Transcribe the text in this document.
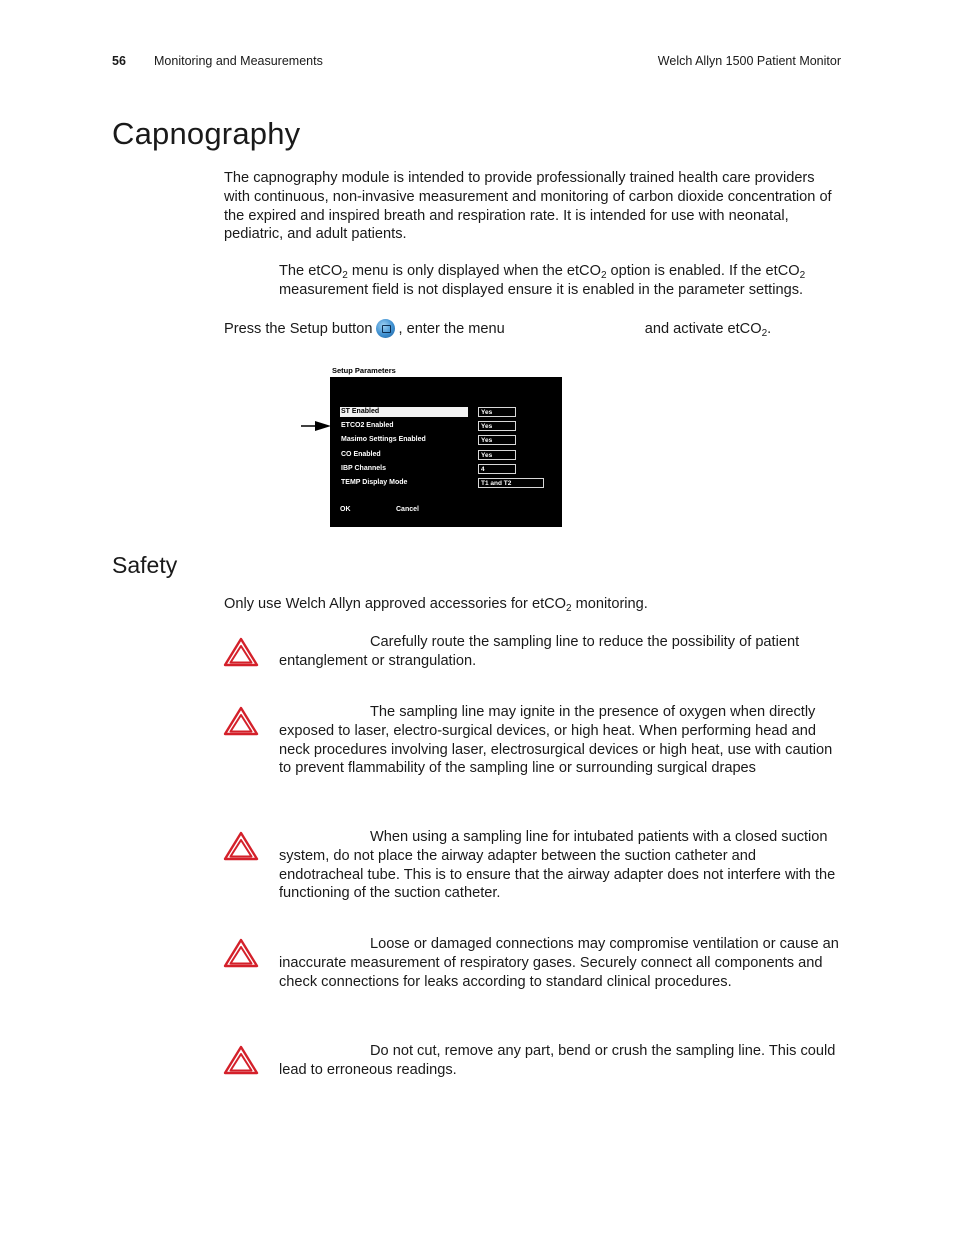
56 Monitoring and Measurements	Welch Allyn 1500 Patient Monitor
Capnography
The capnography module is intended to provide professionally trained health care providers with continuous, non-invasive measurement and monitoring of carbon dioxide concentration of the expired and inspired breath and respiration rate. It is intended for use with neonatal, pediatric, and adult patients.
The etCO$_2$ menu is only displayed when the etCO$_2$ option is enabled. If the etCO$_2$ measurement field is not displayed ensure it is enabled in the parameter settings.
Press the Setup button , enter the menu	and activate etCO$_2$.
Setup Parameters
ST Enabled	Yes
ETCO2 Enabled	Yes
Masimo Settings Enabled	Yes
CO Enabled	Yes
IBP Channels	4
TEMP Display Mode	T1 and T2
OK	Cancel
Safety
Only use Welch Allyn approved accessories for etCO$_2$ monitoring.
Carefully route the sampling line to reduce the possibility of patient entanglement or strangulation.
The sampling line may ignite in the presence of oxygen when directly exposed to laser, electro-surgical devices, or high heat. When performing head and neck procedures involving laser, electrosurgical devices or high heat, use with caution to prevent flammability of the sampling line or surrounding surgical drapes
When using a sampling line for intubated patients with a closed suction system, do not place the airway adapter between the suction catheter and endotracheal tube. This is to ensure that the airway adapter does not interfere with the functioning of the suction catheter.
Loose or damaged connections may compromise ventilation or cause an inaccurate measurement of respiratory gases. Securely connect all components and check connections for leaks according to standard clinical procedures.
Do not cut, remove any part, bend or crush the sampling line. This could lead to erroneous readings.
